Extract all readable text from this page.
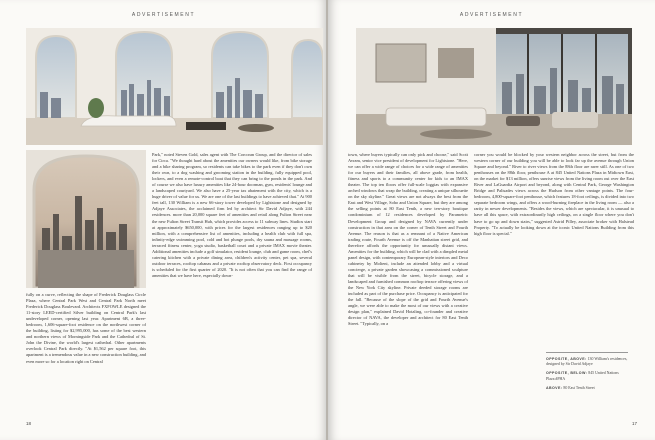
ADVERTISEMENT

fully on a curve, reflecting the shape of Frederick Douglass Circle Plaza, where Central Park West and Central Park North meet Frederick Douglass Boulevard. Architects FXFOWLE designed the 11-story LEED-certified Silver building on Central Park's last undeveloped corner, opening last year. Apartment 6B, a three-bedroom, 1,606-square-foot residence on the northwest corner of the building, listing for $2,995,000, has some of the best western and northern views of Morningside Park and the Cathedral of St. John the Divine, the world's largest cathedral. Other apartments overlook Central Park directly. "At $1,562 per square foot, this apartment is a tremendous value in a new construction building, and even more so for a location right on Central

Park," noted Steven Gold, sales agent with The Corcoran Group, and the director of sales for Circa. "We thought hard about the amenities our owners would like, from bike storage and a bike sharing program, so residents can take bikes to the park even if they don't own their own, to a dog washing and grooming station in the building, fully equipped pool, lockers, and even a remote-control boat that they can bring to the ponds in the park. And of course we also have luxury amenities like 24-hour doorman, gym, residents' lounge and a landscaped courtyard. We also have a 25-year tax abatement with the city, which is a huge driver of value for us. We are one of the last buildings to have achieved that." At 900 feet tall, 130 William is a new 66-story tower developed by Lightstone and designed by Adjaye Associates, the acclaimed firm led by architect Sir David Adjaye, with 244 residences. more than 20,000 square feet of amenities and retail along Fulton Street near the new Fulton Street Transit Hub, which provides access to 11 subway lines. Studios start at approximately $650,000, with prices for the largest residences ranging up to $20 million, with a comprehensive list of amenities, including a health club with full spa, infinity-edge swimming pool, cold and hot plunge pools, dry sauna and massage rooms, terraced fitness center, yoga studio, basketball court and a private IMAX movie theater. Additional amenities include a golf simulator, resident lounge, club and game room, chef's catering kitchen with a private dining area, children's activity center, pet spa, several outdoor terraces, rooftop cabanas and a private rooftop observatory deck. First occupancy is scheduled for the first quarter of 2020. "It is not often that you can find the range of amenities that we have here, especially down-

18
ADVERTISEMENT

town, where buyers typically can only pick and choose," said Scott Avram, senior vice president of development for Lightstone. "Here, we can offer a wide range of choices for a wide range of amenities for our buyers and their families, all above grade, from health, fitness and sports to a community center for kids to an IMAX theater. The top ten floors offer full-scale loggias with expansive arched windows that wrap the building, creating a unique silhouette on the sky skyline." Great views are not always the best from the East and West Village, Soho and Union Square, but they are among the selling points at 80 East Tenth, a new ten-story boutique condominium of 12 residences developed by Parametric Development Group and designed by NAVA currently under construction in that area on the corner of Tenth Street and Fourth Avenue. The reason is that as a remnant of a Native American trading route, Fourth Avenue is off the Manhattan street grid, and therefore affords the opportunity for unusually distant views. Amenities for the building, which will be clad with a dimpled metal panel design, with contemporary European-style interiors and Deco cabinetry by Molteni, include an attended lobby and a virtual concierge, a private garden showcasing a commissioned sculpture that will be visible from the street, bicycle storage, and a landscaped and furnished common rooftop terrace offering views of the New York City skyline. Private deeded storage rooms are included as part of the purchase price. Occupancy is anticipated for the fall. "Because of the slope of the grid and Fourth Avenue's angle, we were able to make the most of our views with a creative design plan," explained David Hotaling, co-founder and creative director of NAVA, the developer and architect for 80 East Tenth Street. "Typically, on a

corner you would be blocked by your western neighbor across the street, but from the western corner of our building you will be able to look far up the avenue through Union Square and beyond." River to river views from the 88th floor are rarer still. As one of two penthouses on the 88th floor, penthouse A at 845 United Nations Plaza in Midtown East, on the market for $13 million, offers sunrise views from the living room out over the East River and LaGuardia Airport and beyond, along with Central Park, George Washington Bridge and Palisades views across the Hudson from other vantage points. The four-bedroom, 4,800-square-foot penthouse, which features 18-foot ceilings, is divided into two separate bedroom wings, and offers a wood-burning fireplace in the living room — also a rarity in newer developments. "Besides the views, which are spectacular, it is unusual to have all this space, with extraordinarily high ceilings, on a single floor where you don't have to go up and down stairs," suggested Astrid Pilley, associate broker with Halstead Property. "To actually be looking down at the iconic United Nations Building from this high floor is special."

OPPOSITE, ABOVE: 130 William's residences, designed by Sir David Adjaye
OPPOSITE, BELOW: 845 United Nations Plaza #PHA
ABOVE: 80 East Tenth Street
17
